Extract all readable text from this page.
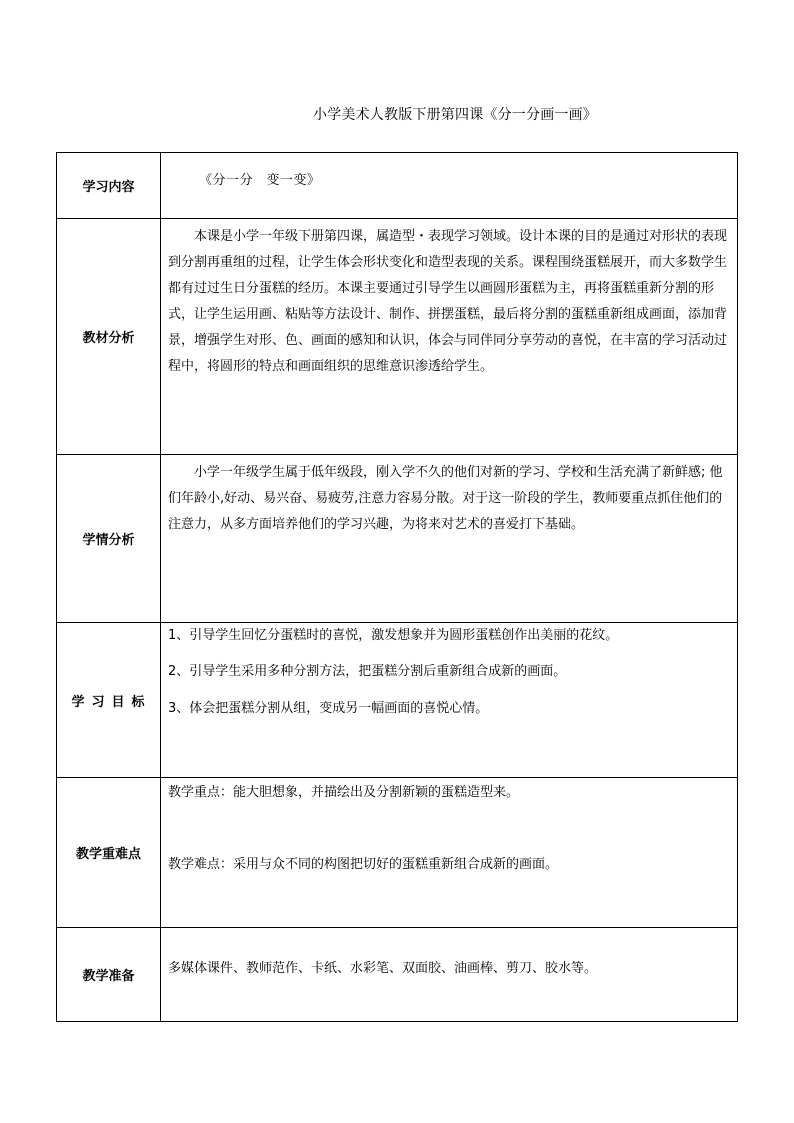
小学美术人教版下册第四课《分一分画一画》
学习内容	《分一分　变一变》

教材分析	本课是小学一年级下册第四课，属造型・表现学习领域。设计本课的目的是通过对形状的表现到分割再重组的过程，让学生体会形状变化和造型表现的关系。课程围绕蛋糕展开，而大多数学生都有过过生日分蛋糕的经历。本课主要通过引导学生以画圆形蛋糕为主，再将蛋糕重新分割的形式，让学生运用画、粘贴等方法设计、制作、拼摆蛋糕，最后将分割的蛋糕重新组成画面，添加背景，增强学生对形、色、画面的感知和认识，体会与同伴同分享劳动的喜悦，在丰富的学习活动过程中，将圆形的特点和画面组织的思维意识渗透给学生。

学情分析	小学一年级学生属于低年级段，刚入学不久的他们对新的学习、学校和生活充满了新鲜感; 他们年龄小,好动、易兴奋、易疲劳,注意力容易分散。对于这一阶段的学生，教师要重点抓住他们的注意力，从多方面培养他们的学习兴趣，为将来对艺术的喜爱打下基础。

学习目标	1、引导学生回忆分蛋糕时的喜悦，激发想象并为圆形蛋糕创作出美丽的花纹。

2、引导学生采用多种分割方法，把蛋糕分割后重新组合成新的画面。

3、体会把蛋糕分割从组，变成另一幅画面的喜悦心情。

教学重难点	教学重点：能大胆想象，并描绘出及分割新颖的蛋糕造型来。

教学难点：采用与众不同的构图把切好的蛋糕重新组合成新的画面。

教学准备	多媒体课件、教师范作、卡纸、水彩笔、双面胶、油画棒、剪刀、胶水等。
